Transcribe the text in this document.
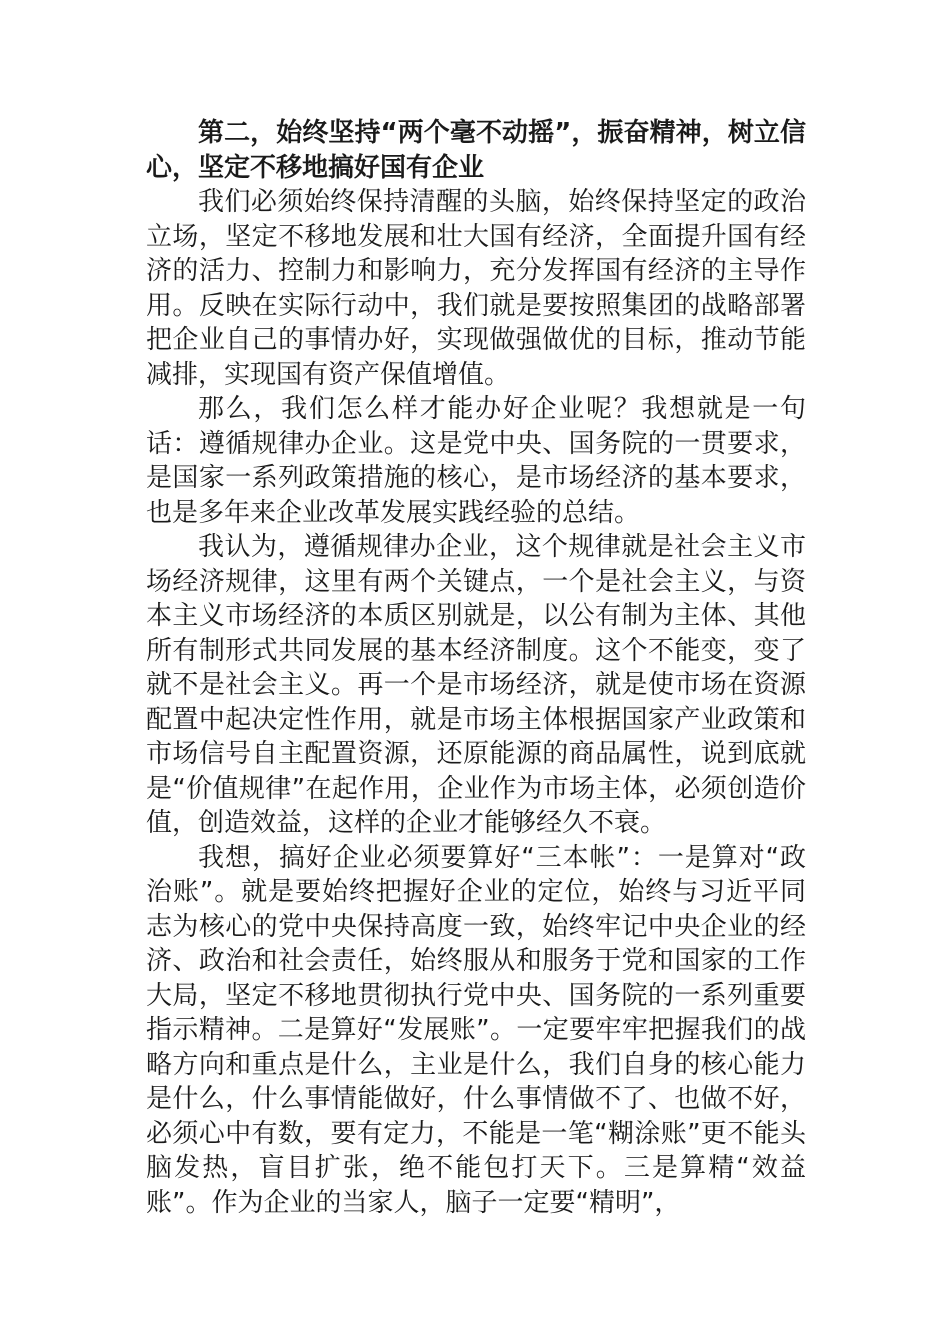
第二，始终坚持“两个毫不动摇”，振奋精神，树立信心，坚定不移地搞好国有企业

我们必须始终保持清醒的头脑，始终保持坚定的政治立场，坚定不移地发展和壮大国有经济，全面提升国有经济的活力、控制力和影响力，充分发挥国有经济的主导作用。反映在实际行动中，我们就是要按照集团的战略部署把企业自己的事情办好，实现做强做优的目标，推动节能减排，实现国有资产保值增值。

那么，我们怎么样才能办好企业呢？我想就是一句话：遵循规律办企业。这是党中央、国务院的一贯要求，是国家一系列政策措施的核心，是市场经济的基本要求，也是多年来企业改革发展实践经验的总结。

我认为，遵循规律办企业，这个规律就是社会主义市场经济规律，这里有两个关键点，一个是社会主义，与资本主义市场经济的本质区别就是，以公有制为主体、其他所有制形式共同发展的基本经济制度。这个不能变，变了就不是社会主义。再一个是市场经济，就是使市场在资源配置中起决定性作用，就是市场主体根据国家产业政策和市场信号自主配置资源，还原能源的商品属性，说到底就是“价值规律”在起作用，企业作为市场主体，必须创造价值，创造效益，这样的企业才能够经久不衰。

我想，搞好企业必须要算好“三本帐”：一是算对“政治账”。就是要始终把握好企业的定位，始终与习近平同志为核心的党中央保持高度一致，始终牢记中央企业的经济、政治和社会责任，始终服从和服务于党和国家的工作大局，坚定不移地贯彻执行党中央、国务院的一系列重要指示精神。二是算好“发展账”。一定要牢牢把握我们的战略方向和重点是什么，主业是什么，我们自身的核心能力是什么，什么事情能做好，什么事情做不了、也做不好，必须心中有数，要有定力，不能是一笔“糊涂账”更不能头脑发热，盲目扩张，绝不能包打天下。三是算精“效益账”。作为企业的当家人，脑子一定要“精明”，
